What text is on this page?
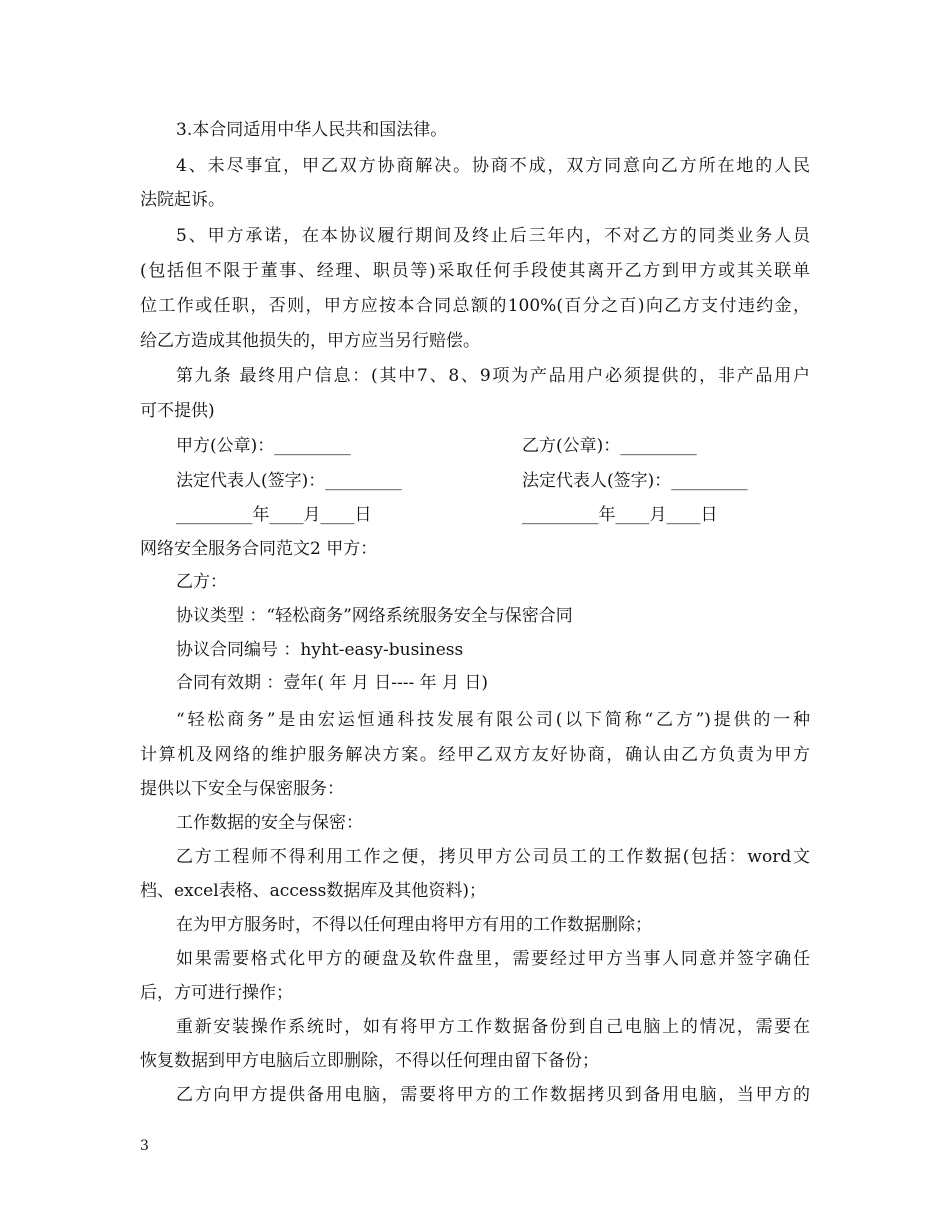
3.本合同适用中华人民共和国法律。
4、未尽事宜，甲乙双方协商解决。协商不成，双方同意向乙方所在地的人民
法院起诉。
5、甲方承诺，在本协议履行期间及终止后三年内，不对乙方的同类业务人员
(包括但不限于董事、经理、职员等)采取任何手段使其离开乙方到甲方或其关联单
位工作或任职，否则，甲方应按本合同总额的100%(百分之百)向乙方支付违约金，
给乙方造成其他损失的，甲方应当另行赔偿。
第九条 最终用户信息：(其中7、8、9项为产品用户必须提供的，非产品用户
可不提供)
甲方(公章)：_________	乙方(公章)：_________
法定代表人(签字)：_________	法定代表人(签字)：_________
_________年____月____日	_________年____月____日
网络安全服务合同范文2 甲方：
乙方：
协议类型 ：“轻松商务”网络系统服务安全与保密合同
协议合同编号 ：hyht-easy-business
合同有效期 ：壹年( 年 月 日---- 年 月 日)
“轻松商务”是由宏运恒通科技发展有限公司(以下简称“乙方”)提供的一种
计算机及网络的维护服务解决方案。经甲乙双方友好协商，确认由乙方负责为甲方
提供以下安全与保密服务：
工作数据的安全与保密：
乙方工程师不得利用工作之便，拷贝甲方公司员工的工作数据(包括：word文
档、excel表格、access数据库及其他资料)；
在为甲方服务时，不得以任何理由将甲方有用的工作数据删除；
如果需要格式化甲方的硬盘及软件盘里，需要经过甲方当事人同意并签字确任
后，方可进行操作；
重新安装操作系统时，如有将甲方工作数据备份到自己电脑上的情况，需要在
恢复数据到甲方电脑后立即删除，不得以任何理由留下备份；
乙方向甲方提供备用电脑，需要将甲方的工作数据拷贝到备用电脑，当甲方的
3
